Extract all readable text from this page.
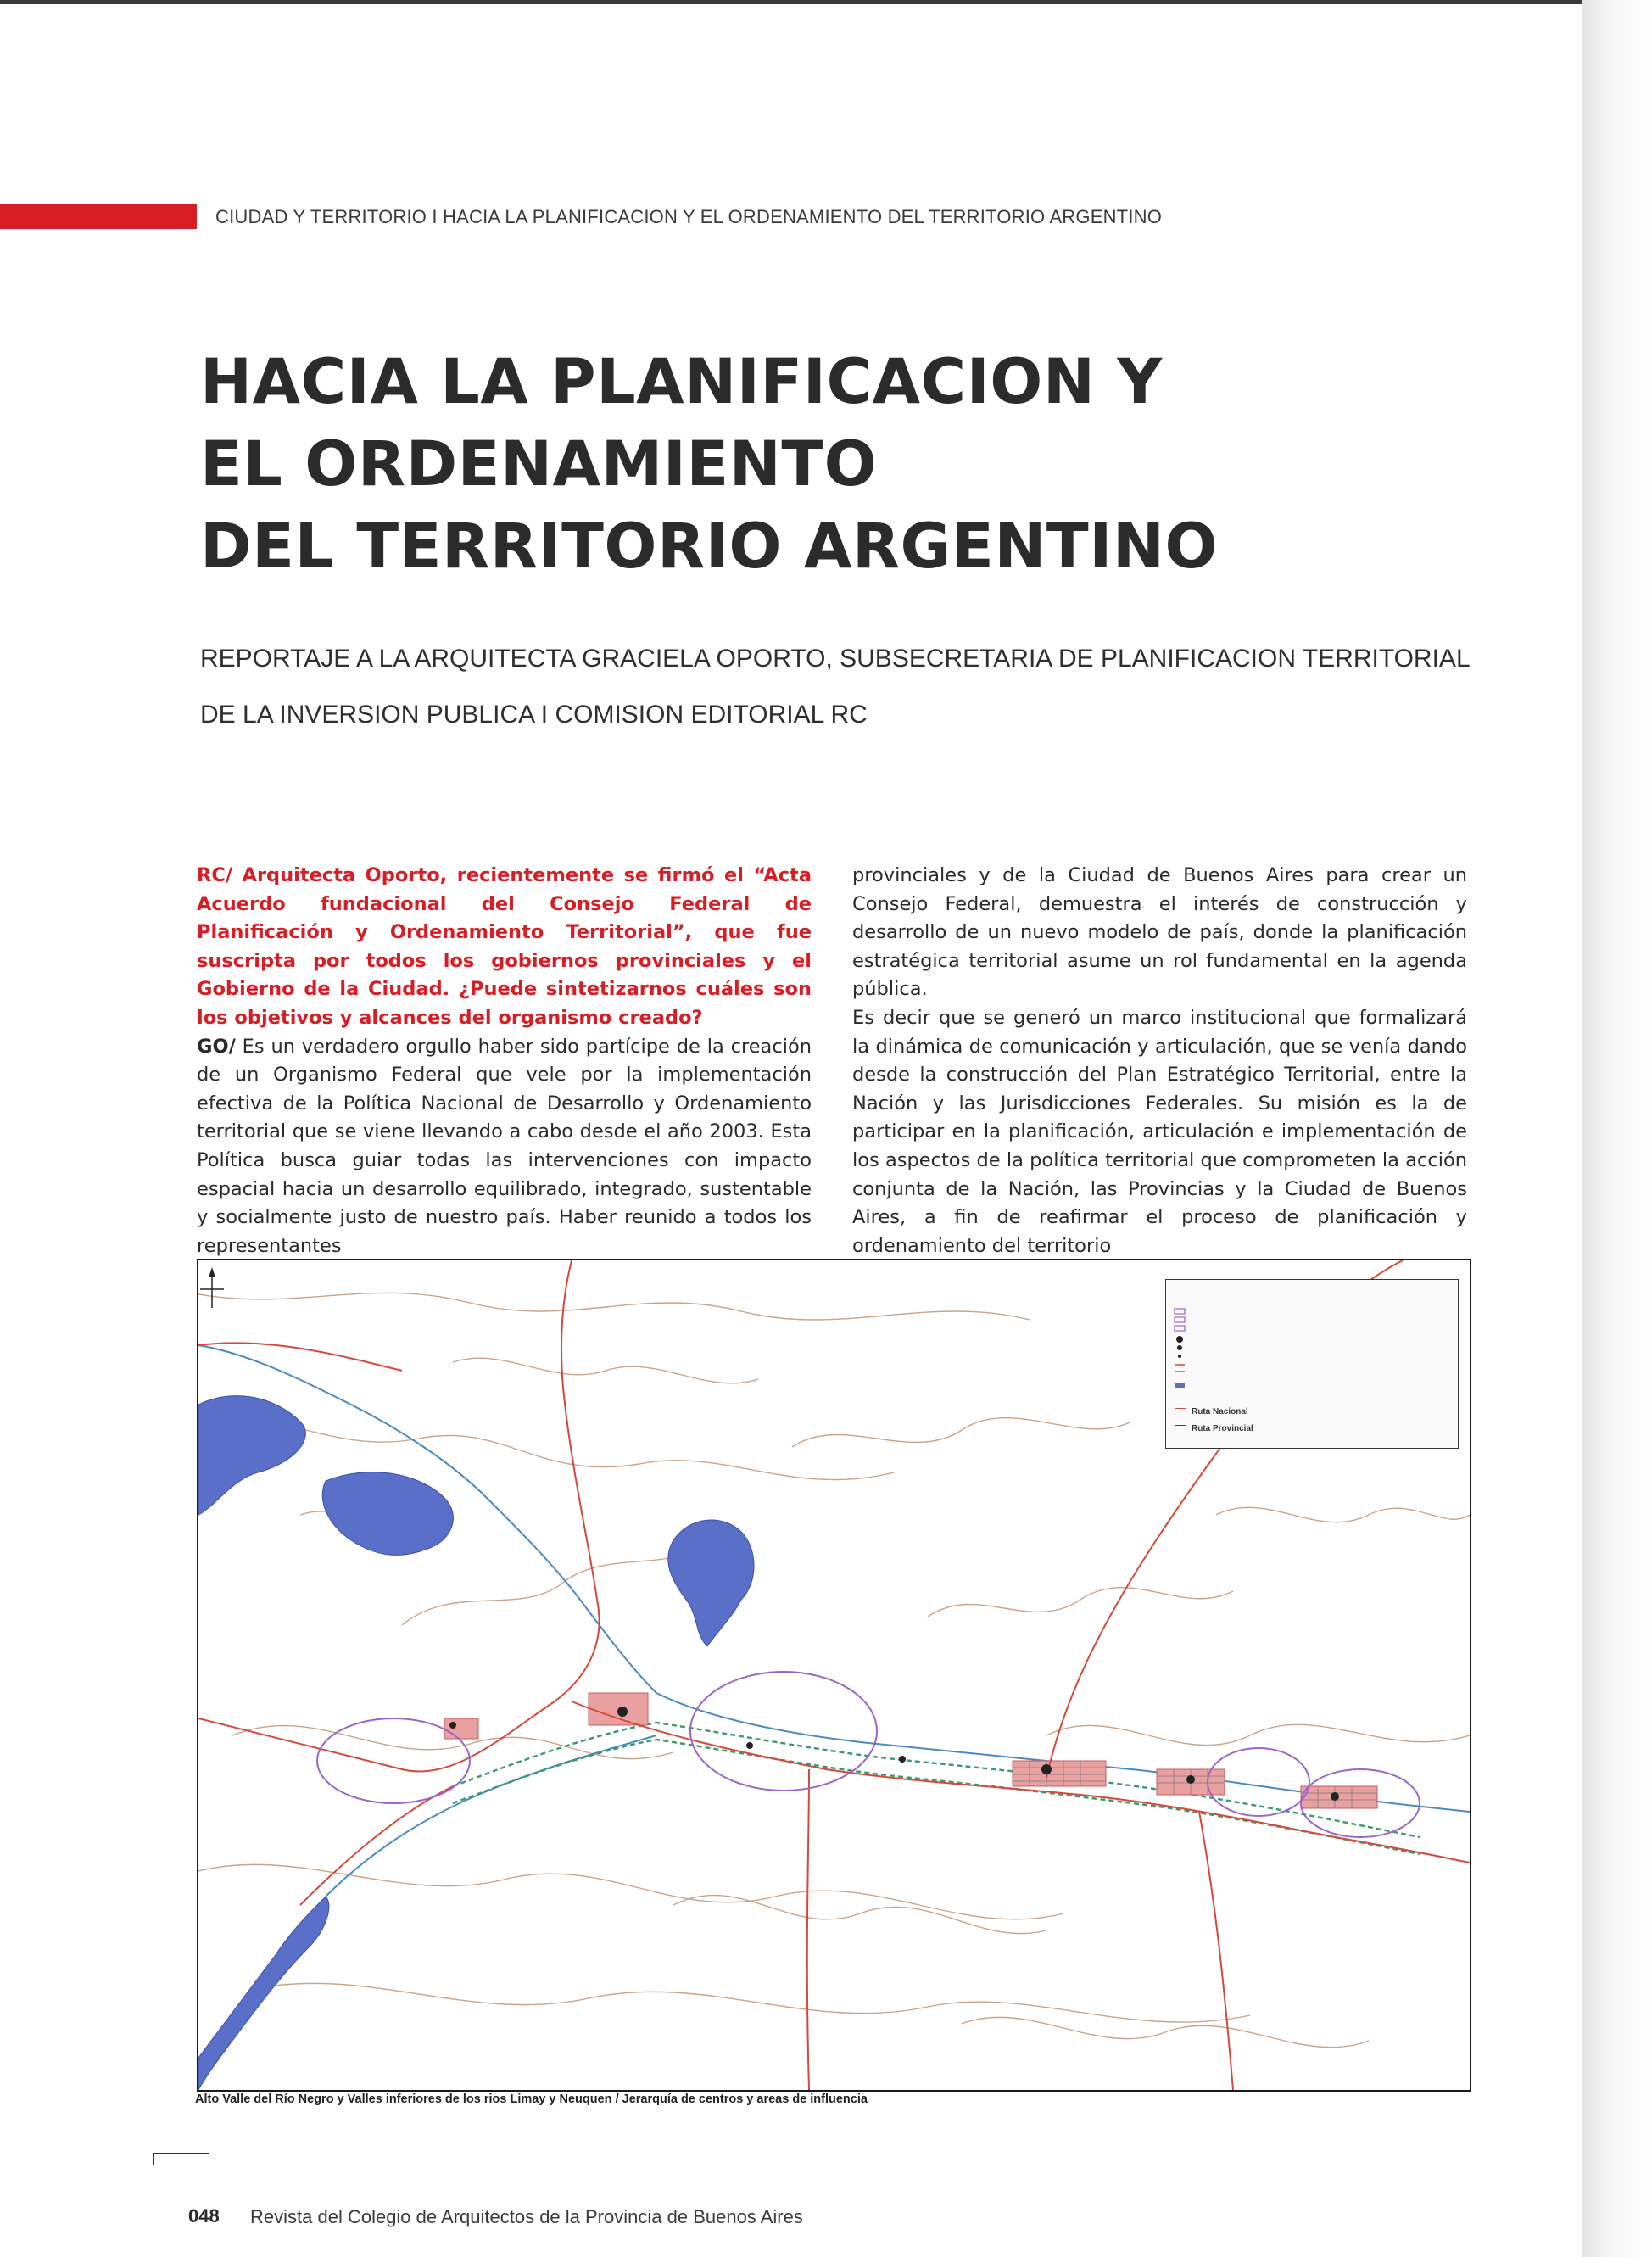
CIUDAD Y TERRITORIO I HACIA LA PLANIFICACION Y EL ORDENAMIENTO DEL TERRITORIO ARGENTINO
HACIA LA PLANIFICACION Y
EL ORDENAMIENTO
DEL TERRITORIO ARGENTINO
REPORTAJE A LA ARQUITECTA GRACIELA OPORTO, SUBSECRETARIA DE PLANIFICACION TERRITORIAL
DE LA INVERSION PUBLICA I COMISION EDITORIAL RC

RC/ Arquitecta Oporto, recientemente se firmó el “Acta Acuerdo fundacional del Consejo Federal de Planificación y Ordenamiento Territorial”, que fue suscripta por todos los gobiernos provinciales y el Gobierno de la Ciudad. ¿Puede sintetizarnos cuáles son los objetivos y alcances del organismo creado?

GO/ Es un verdadero orgullo haber sido partícipe de la creación de un Organismo Federal que vele por la implementación efectiva de la Política Nacional de Desarrollo y Ordenamiento territorial que se viene llevando a cabo desde el año 2003. Esta Política busca guiar todas las intervenciones con impacto espacial hacia un desarrollo equilibrado, integrado, sustentable y socialmente justo de nuestro país. Haber reunido a todos los representantes

provinciales y de la Ciudad de Buenos Aires para crear un Consejo Federal, demuestra el interés de construcción y desarrollo de un nuevo modelo de país, donde la planificación estratégica territorial asume un rol fundamental en la agenda pública.

Es decir que se generó un marco institucional que formalizará la dinámica de comunicación y articulación, que se venía dando desde la construcción del Plan Estratégico Territorial, entre la Nación y las Jurisdicciones Federales. Su misión es la de participar en la planificación, articulación e implementación de los aspectos de la política territorial que comprometen la acción conjunta de la Nación, las Provincias y la Ciudad de Buenos Aires, a fin de reafirmar el proceso de planificación y ordenamiento del territorio

Ruta Nacional
Ruta Provincial
Alto Valle del Río Negro y Valles inferiores de los rios Limay y Neuquen / Jerarquía de centros y areas de influencia
048 Revista del Colegio de Arquitectos de la Provincia de Buenos Aires
